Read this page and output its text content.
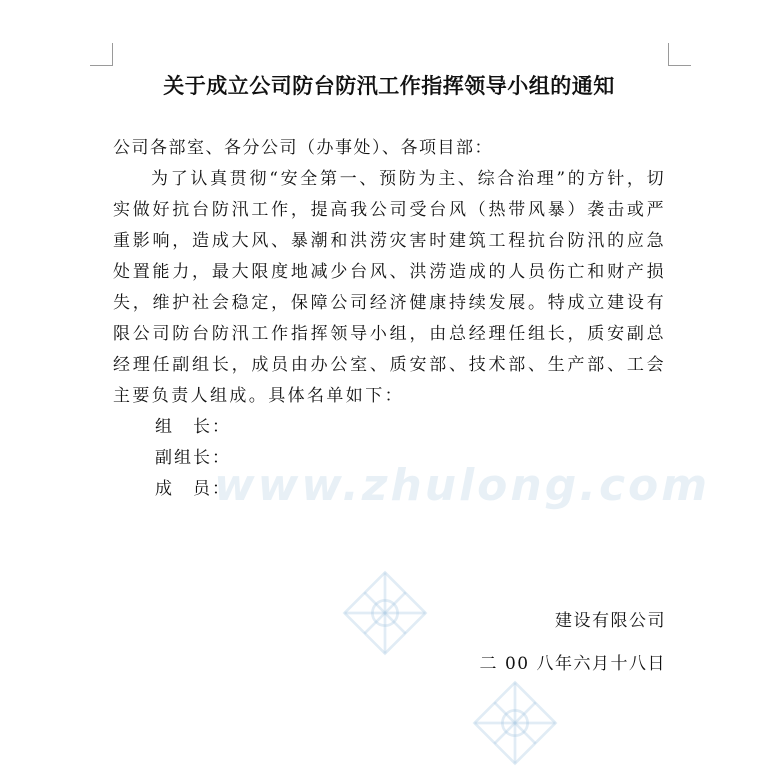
关于成立公司防台防汛工作指挥领导小组的通知

公司各部室、各分公司（办事处）、各项目部：

为了认真贯彻“安全第一、预防为主、综合治理”的方针，切实做好抗台防汛工作，提高我公司受台风（热带风暴）袭击或严重影响，造成大风、暴潮和洪涝灾害时建筑工程抗台防汛的应急处置能力，最大限度地减少台风、洪涝造成的人员伤亡和财产损失，维护社会稳定，保障公司经济健康持续发展。特成立建设有限公司防台防汛工作指挥领导小组，由总经理任组长，质安副总经理任副组长，成员由办公室、质安部、技术部、生产部、工会主要负责人组成。具体名单如下：

组　长：

副组长：

成　员：

建设有限公司
二 00 八年六月十八日
www.zhulong.com
